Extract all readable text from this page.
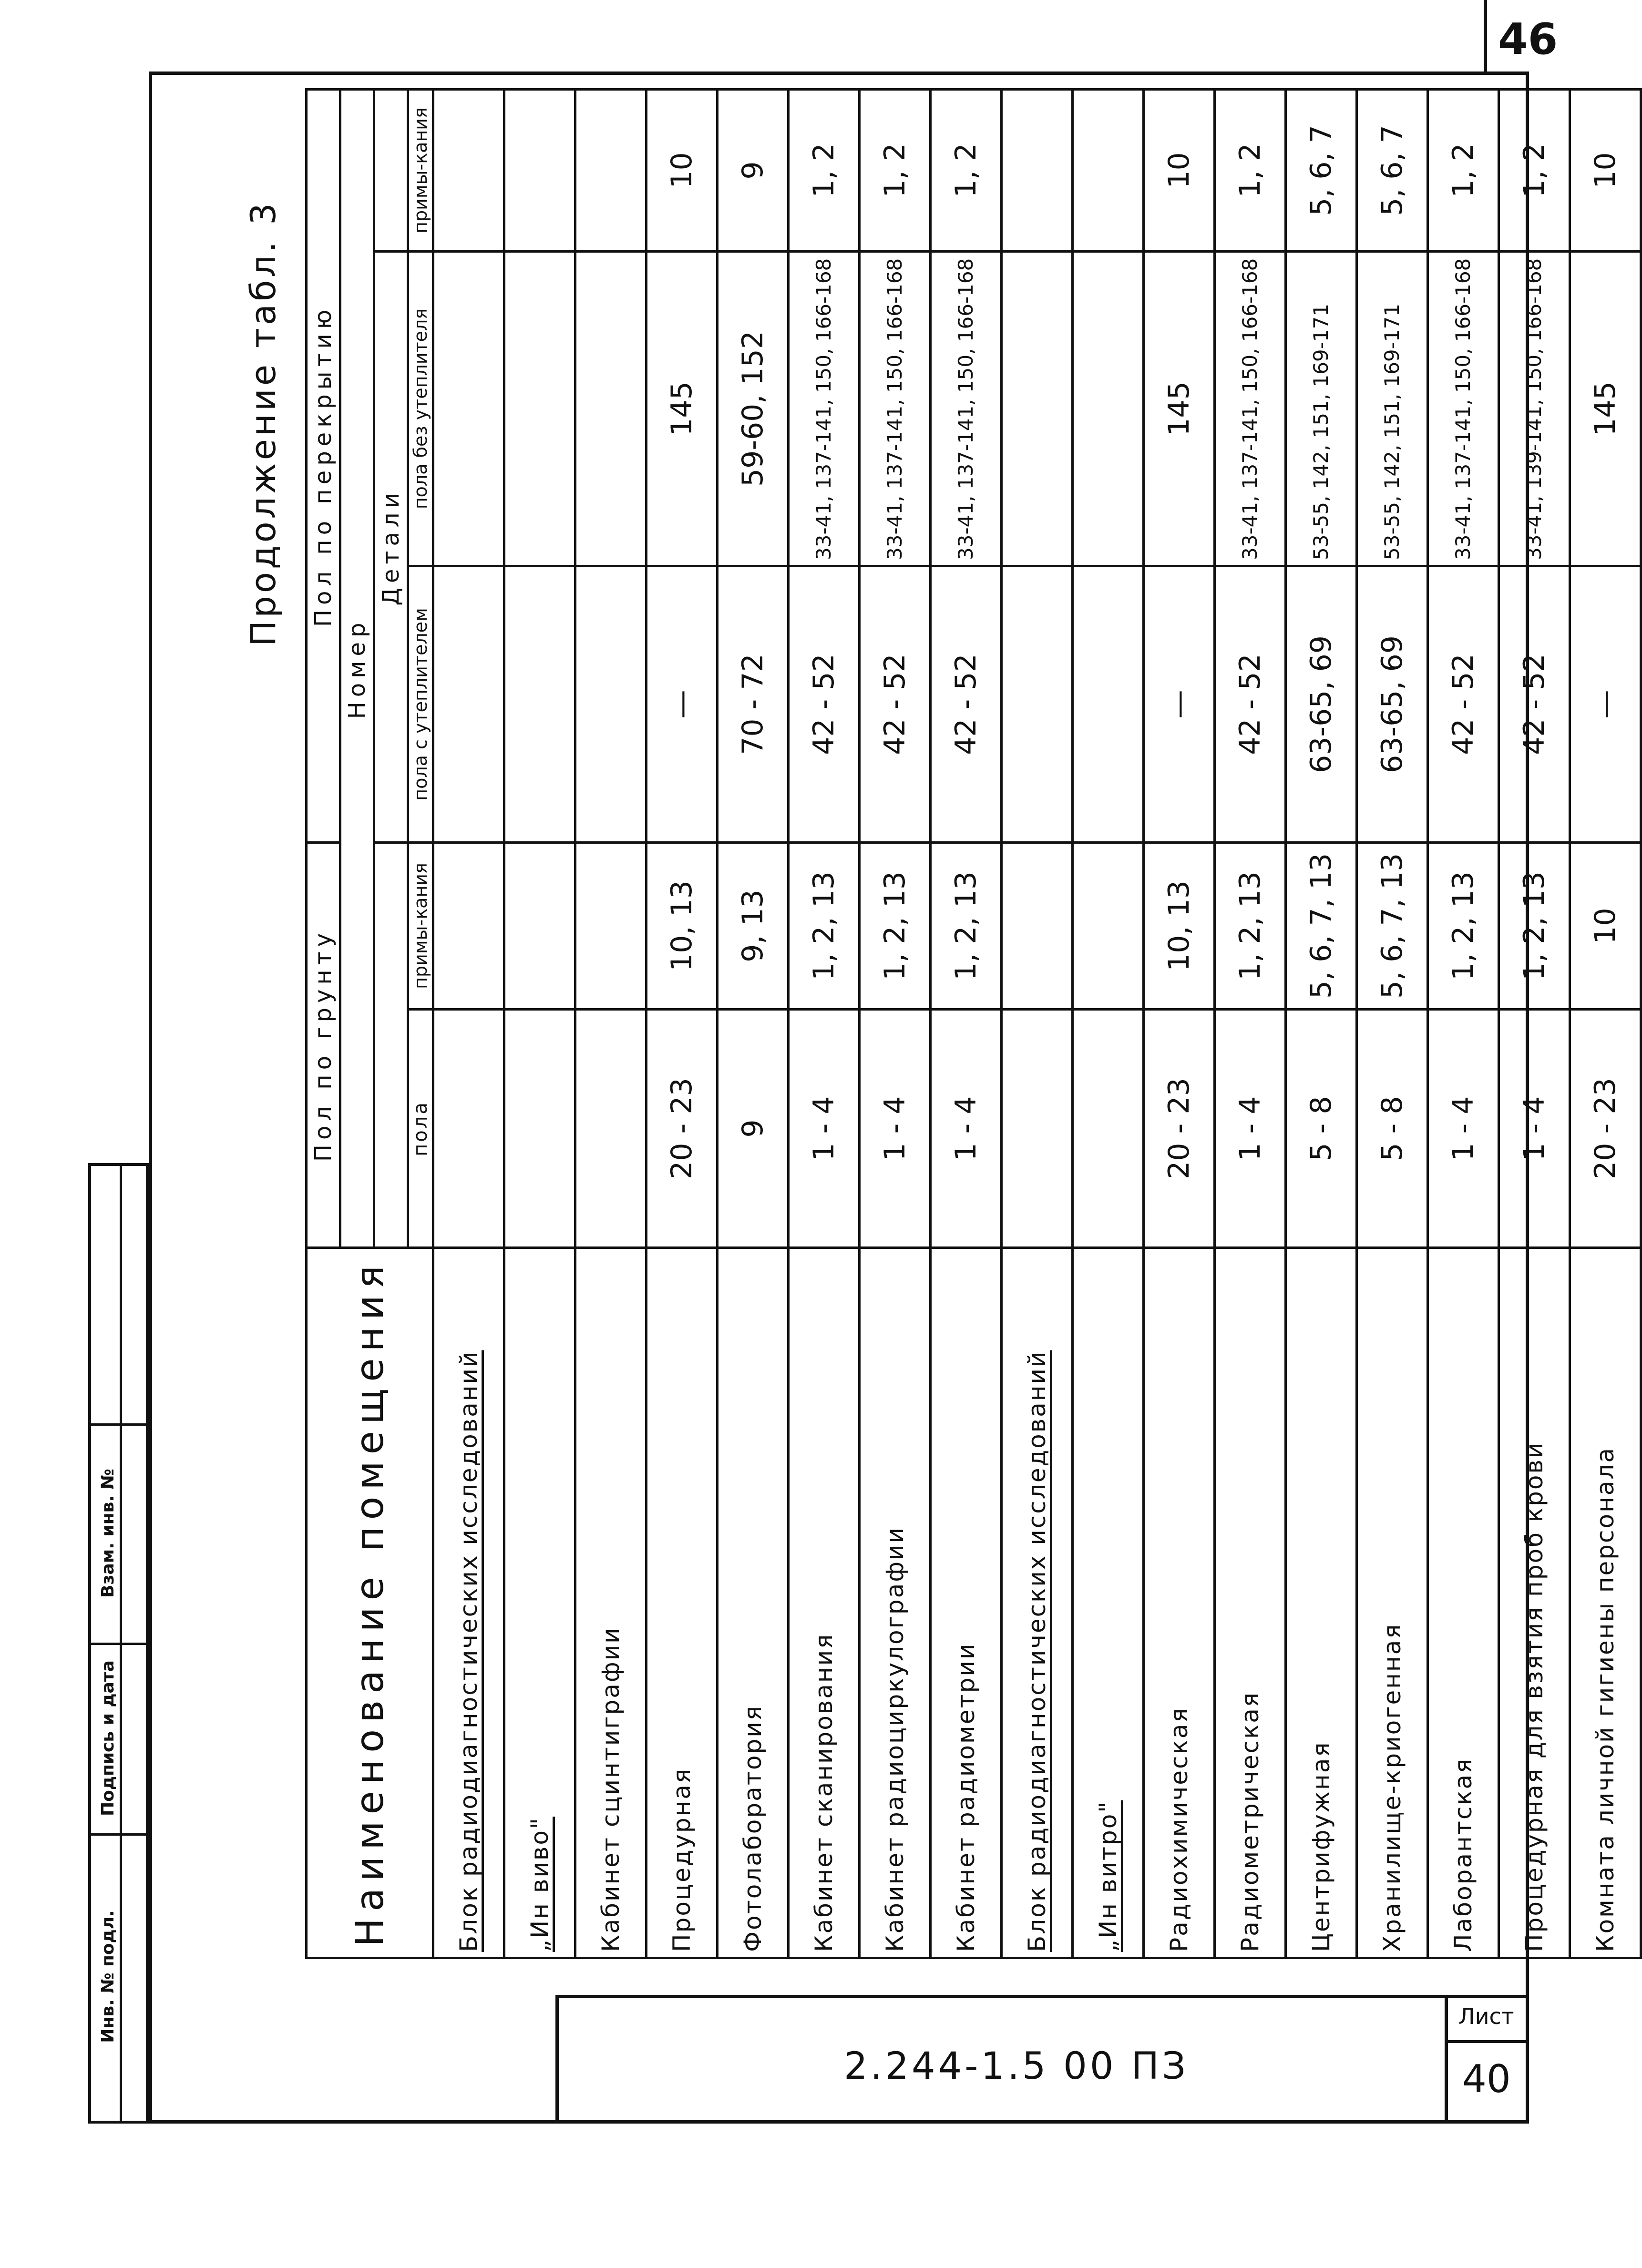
46
Инв. № подл.
Подпись и дата
Взам. инв. №
2.244-1.5 00 ПЗ
Лист
40
Продолжение табл. 3
Наименование помещения	Пол по грунту		Пол по перекрытию		
	Номер				
			Детали		
	пола	примы-кания	пола с утеплителем	пола без утеплителя	примы-кания
Блок радиодиагностических исследований					
„Ин виво"					
Кабинет сцинтиграфии					
Процедурная	20 - 23	10, 13	—	145	10
Фотолаборатория	9	9, 13	70 - 72	59-60, 152	9
Кабинет сканирования	1 - 4	1, 2, 13	42 - 52	33-41, 137-141, 150, 166-168	1, 2
Кабинет радиоциркулографии	1 - 4	1, 2, 13	42 - 52	33-41, 137-141, 150, 166-168	1, 2
Кабинет радиометрии	1 - 4	1, 2, 13	42 - 52	33-41, 137-141, 150, 166-168	1, 2
Блок радиодиагностических исследований					
„Ин витро"					
Радиохимическая	20 - 23	10, 13	—	145	10
Радиометрическая	1 - 4	1, 2, 13	42 - 52	33-41, 137-141, 150, 166-168	1, 2
Центрифужная	5 - 8	5, 6, 7, 13	63-65, 69	53-55, 142, 151, 169-171	5, 6, 7
Хранилище-криогенная	5 - 8	5, 6, 7, 13	63-65, 69	53-55, 142, 151, 169-171	5, 6, 7
Лаборантская	1 - 4	1, 2, 13	42 - 52	33-41, 137-141, 150, 166-168	1, 2
Процедурная для взятия проб крови	1 - 4	1, 2, 13	42 - 52	33-41, 139-141, 150, 166-168	1, 2
Комната личной гигиены персонала	20 - 23	10	—	145	10
